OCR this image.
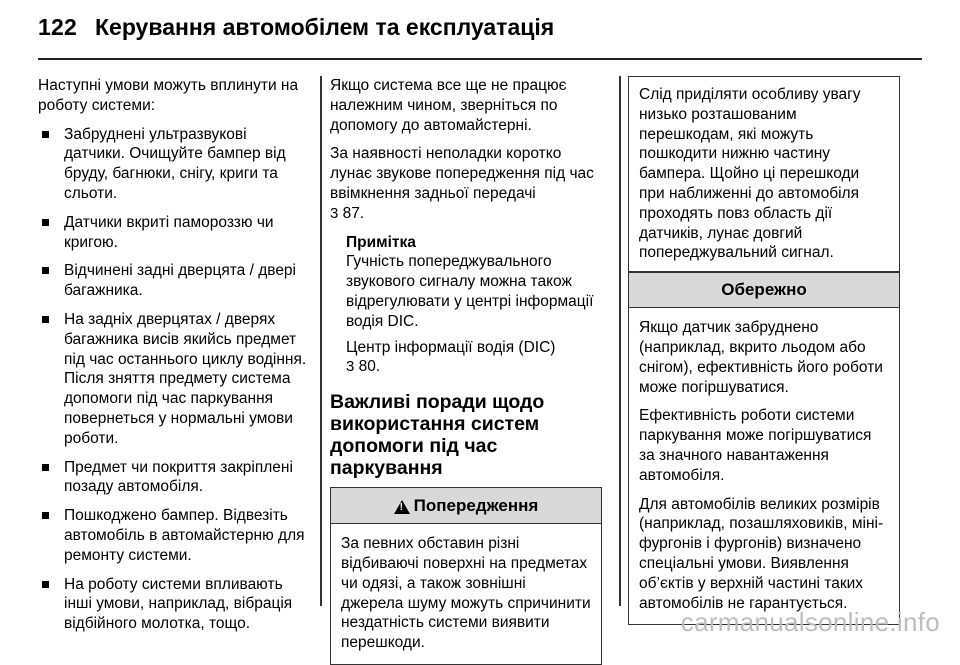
122 Керування автомобілем та експлуатація

Наступні умови можуть вплинути на роботу системи:

Забруднені ультразвукові датчики. Очищуйте бампер від бруду, багнюки, снігу, криги та сльоти.
Датчики вкриті памороззю чи кригою.
Відчинені задні дверцята / двері багажника.
На задніх дверцятах / дверях багажника висів якийсь предмет під час останнього циклу водіння. Після зняття предмету система допомоги під час паркування повернеться у нормальні умови роботи.
Предмет чи покриття закріплені позаду автомобіля.
Пошкоджено бампер. Відвезіть автомобіль в автомайстерню для ремонту системи.
На роботу системи впливають інші умови, наприклад, вібрація відбійного молотка, тощо.

Якщо система все ще не працює належним чином, зверніться по допомогу до автомайстерні.

За наявності неполадки коротко лунає звукове попередження під час ввімкнення задньої передачі
3 87.

Примітка

Гучність попереджувального звукового сигналу можна також відрегулювати у центрі інформації водія DIC.

Центр інформації водія (DIC)
3 80.

Важливі поради щодо використання систем допомоги під час паркування
! Попередження

За певних обставин різні відбиваючі поверхні на предметах чи одязі, а також зовнішні джерела шуму можуть спричинити нездатність системи виявити перешкоди.

Слід приділяти особливу увагу низько розташованим перешкодам, які можуть пошкодити нижню частину бампера. Щойно ці перешкоди при наближенні до автомобіля проходять повз область дії датчиків, лунає довгий попереджувальний сигнал.

Обережно

Якщо датчик забруднено (наприклад, вкрито льодом або снігом), ефективність його роботи може погіршуватися.

Ефективність роботи системи паркування може погіршуватися за значного навантаження автомобіля.

Для автомобілів великих розмірів (наприклад, позашляховиків, міні-фургонів і фургонів) визначено спеціальні умови. Виявлення об’єктів у верхній частині таких автомобілів не гарантується.

carmanualsonline.info
